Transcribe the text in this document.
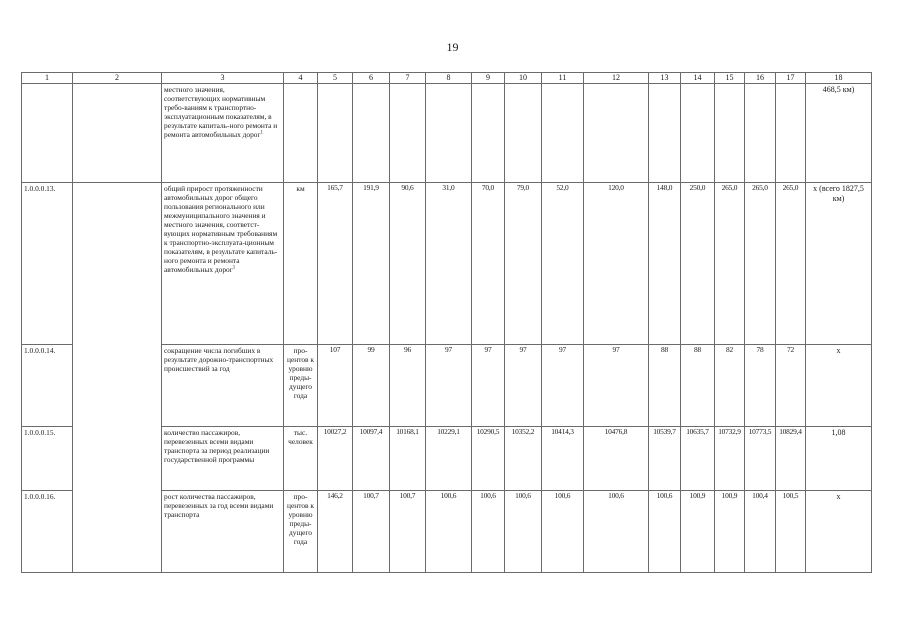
19
1	2	3	4	5	6	7	8	9	10	11	12	13	14	15	16	17	18
		местного значения, соответствующих нормативным требо-ваниям к транспортно-эксплуатационным показателям, в результате капиталь-ного ремонта и ремонта автомобильных дорог$^1$															468,5 км)
1.0.0.0.13.		общий прирост протяженности автомобильных дорог общего пользования регионального или межмуниципального значения и местного значения, соответст-вующих нормативным требованиям к транспортно-эксплуата-ционным показателям, в результате капиталь-ного ремонта и ремонта автомобильных дорог$^1$	км	165,7	191,9	90,6	31,0	70,0	79,0	52,0	120,0	148,0	250,0	265,0	265,0	265,0	х (всего 1827,5 км)
1.0.0.0.14.		сокращение числа погибших в результате дорожно-транспортных происшествий за год	про-центов к уровню преды-дущего года	107	99	96	97	97	97	97	97	88	88	82	78	72	х
1.0.0.0.15.		количество пассажиров, перевезенных всеми видами транспорта за период реализации государственной программы	тыс. человек	10027,2	10097,4	10168,1	10229,1	10290,5	10352,2	10414,3	10476,8	10539,7	10635,7	10732,9	10773,5	10829,4	1,08
1.0.0.0.16.		рост количества пассажиров, перевезенных за год всеми видами транспорта	про-центов к уровню преды-дущего года	146,2	100,7	100,7	100,6	100,6	100,6	100,6	100,6	100,6	100,9	100,9	100,4	100,5	х
